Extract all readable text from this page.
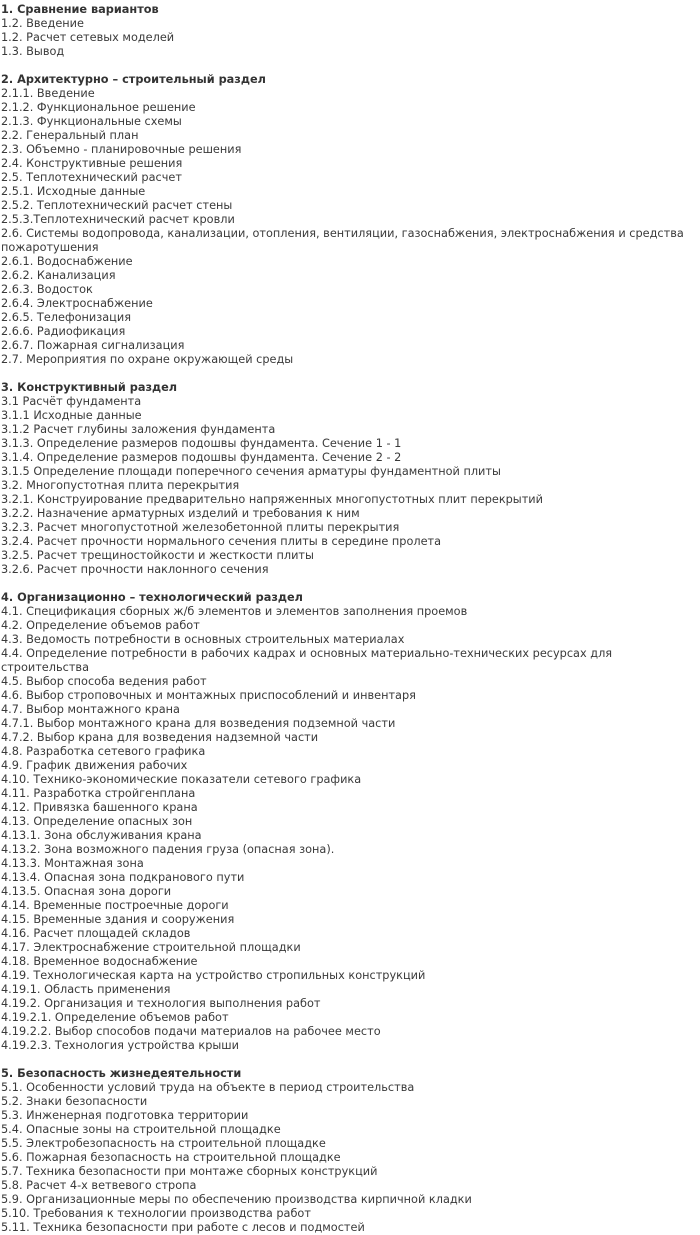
1. Сравнение вариантов
1.2. Введение
1.2. Расчет сетевых моделей
1.3. Вывод
2. Архитектурно – строительный раздел
2.1.1. Введение
2.1.2. Функциональное решение
2.1.3. Функциональные схемы
2.2. Генеральный план
2.3. Объемно - планировочные решения
2.4. Конструктивные решения
2.5. Теплотехнический расчет
2.5.1. Исходные данные
2.5.2. Теплотехнический расчет стены
2.5.3.Теплотехнический расчет кровли
2.6. Системы водопровода, канализации, отопления, вентиляции, газоснабжения, электроснабжения и средства пожаротушения
2.6.1. Водоснабжение
2.6.2. Канализация
2.6.3. Водосток
2.6.4. Электроснабжение
2.6.5. Телефонизация
2.6.6. Радиофикация
2.6.7. Пожарная сигнализация
2.7. Мероприятия по охране окружающей среды
3. Конструктивный раздел
3.1 Расчёт фундамента
3.1.1 Исходные данные
3.1.2 Расчет глубины заложения фундамента
3.1.3. Определение размеров подошвы фундамента. Сечение 1 - 1
3.1.4. Определение размеров подошвы фундамента. Сечение 2 - 2
3.1.5 Определение площади поперечного сечения арматуры фундаментной плиты
3.2. Многопустотная плита перекрытия
3.2.1. Конструирование предварительно напряженных многопустотных плит перекрытий
3.2.2. Назначение арматурных изделий и требования к ним
3.2.3. Расчет многопустотной железобетонной плиты перекрытия
3.2.4. Расчет прочности нормального сечения плиты в середине пролета
3.2.5. Расчет трещиностойкости и жесткости плиты
3.2.6. Расчет прочности наклонного сечения
4. Организационно – технологический раздел
4.1. Спецификация сборных ж/б элементов и элементов заполнения проемов
4.2. Определение объемов работ
4.3. Ведомость потребности в основных строительных материалах
4.4. Определение потребности в рабочих кадрах и основных материально-технических ресурсах для строительства
4.5. Выбор способа ведения работ
4.6. Выбор строповочных и монтажных приспособлений и инвентаря
4.7. Выбор монтажного крана
4.7.1. Выбор монтажного крана для возведения подземной части
4.7.2. Выбор крана для возведения надземной части
4.8. Разработка сетевого графика
4.9. График движения рабочих
4.10. Технико-экономические показатели сетевого графика
4.11. Разработка стройгенплана
4.12. Привязка башенного крана
4.13. Определение опасных зон
4.13.1. Зона обслуживания крана
4.13.2. Зона возможного падения груза (опасная зона).
4.13.3. Монтажная зона
4.13.4. Опасная зона подкранового пути
4.13.5. Опасная зона дороги
4.14. Временные построечные дороги
4.15. Временные здания и сооружения
4.16. Расчет площадей складов
4.17. Электроснабжение строительной площадки
4.18. Временное водоснабжение
4.19. Технологическая карта на устройство стропильных конструкций
4.19.1. Область применения
4.19.2. Организация и технология выполнения работ
4.19.2.1. Определение объемов работ
4.19.2.2. Выбор способов подачи материалов на рабочее место
4.19.2.3. Технология устройства крыши
5. Безопасность жизнедеятельности
5.1. Особенности условий труда на объекте в период строительства
5.2. Знаки безопасности
5.3. Инженерная подготовка территории
5.4. Опасные зоны на строительной площадке
5.5. Электробезопасность на строительной площадке
5.6. Пожарная безопасность на строительной площадке
5.7. Техника безопасности при монтаже сборных конструкций
5.8. Расчет 4-х ветвевого стропа
5.9. Организационные меры по обеспечению производства кирпичной кладки
5.10. Требования к технологии производства работ
5.11. Техника безопасности при работе с лесов и подмостей
